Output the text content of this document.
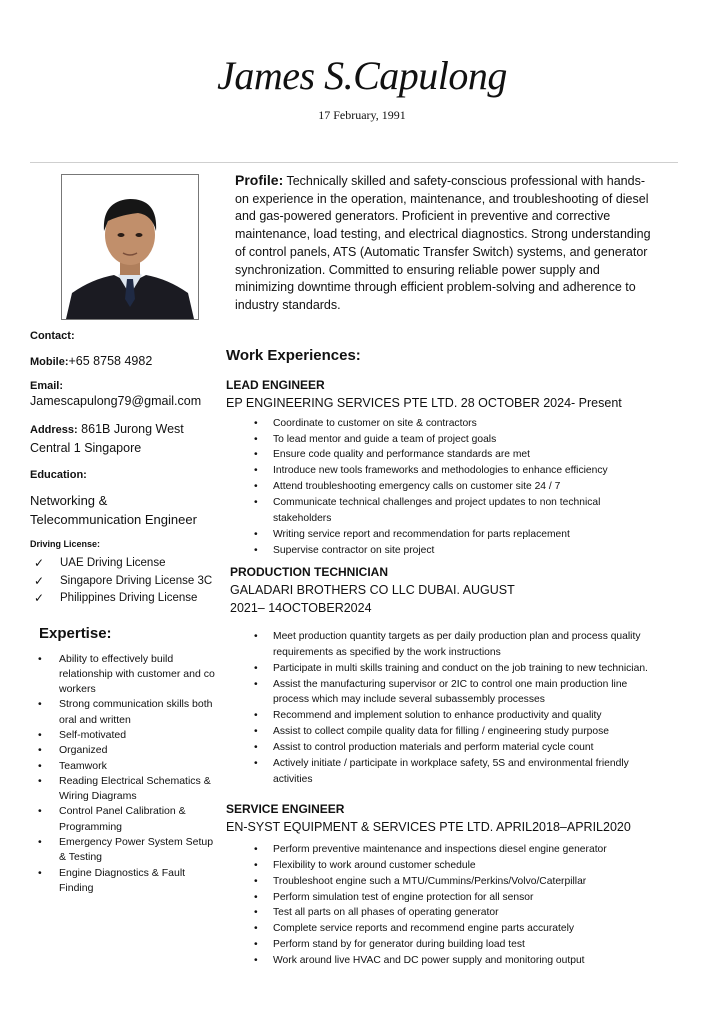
James S.Capulong
17 February, 1991
Contact:
Mobile:+65 8758 4982
Email:
Jamescapulong79@gmail.com
Address: 861B Jurong West Central 1 Singapore
Education:
Networking & Telecommunication Engineer
Driving License:
✓ UAE Driving License
✓ Singapore Driving License 3C
✓ Philippines Driving License
Expertise:
• Ability to effectively build relationship with customer and co workers
• Strong communication skills both oral and written
• Self-motivated
• Organized
• Teamwork
• Reading Electrical Schematics & Wiring Diagrams
• Control Panel Calibration & Programming
• Emergency Power System Setup & Testing
• Engine Diagnostics & Fault Finding

Profile: Technically skilled and safety-conscious professional with hands-on experience in the operation, maintenance, and troubleshooting of diesel and gas-powered generators. Proficient in preventive and corrective maintenance, load testing, and electrical diagnostics. Strong understanding of control panels, ATS (Automatic Transfer Switch) systems, and generator synchronization. Committed to ensuring reliable power supply and minimizing downtime through efficient problem-solving and adherence to industry standards.

Work Experiences:
LEAD ENGINEER
EP ENGINEERING SERVICES PTE LTD. 28 OCTOBER 2024- Present
• Coordinate to customer on site & contractors
• To lead mentor and guide a team of project goals
• Ensure code quality and performance standards are met
• Introduce new tools frameworks and methodologies to enhance efficiency
• Attend troubleshooting emergency calls on customer site 24 / 7
• Communicate technical challenges and project updates to non technical stakeholders
• Writing service report and recommendation for parts replacement
• Supervise contractor on site project
PRODUCTION TECHNICIAN
GALADARI BROTHERS CO LLC DUBAI. AUGUST 2021– 14OCTOBER2024
• Meet production quantity targets as per daily production plan and process quality requirements as specified by the work instructions
• Participate in multi skills training and conduct on the job training to new technician.
• Assist the manufacturing supervisor or 2IC to control one main production line process which may include several subassembly processes
• Recommend and implement solution to enhance productivity and quality
• Assist to collect compile quality data for filling / engineering study purpose
• Assist to control production materials and perform material cycle count
• Actively initiate / participate in workplace safety, 5S and environmental friendly activities
SERVICE ENGINEER
EN-SYST EQUIPMENT & SERVICES PTE LTD. APRIL2018–APRIL2020
• Perform preventive maintenance and inspections diesel engine generator
• Flexibility to work around customer schedule
• Troubleshoot engine such a MTU/Cummins/Perkins/Volvo/Caterpillar
• Perform simulation test of engine protection for all sensor
• Test all parts on all phases of operating generator
• Complete service reports and recommend engine parts accurately
• Perform stand by for generator during building load test
• Work around live HVAC and DC power supply and monitoring output
